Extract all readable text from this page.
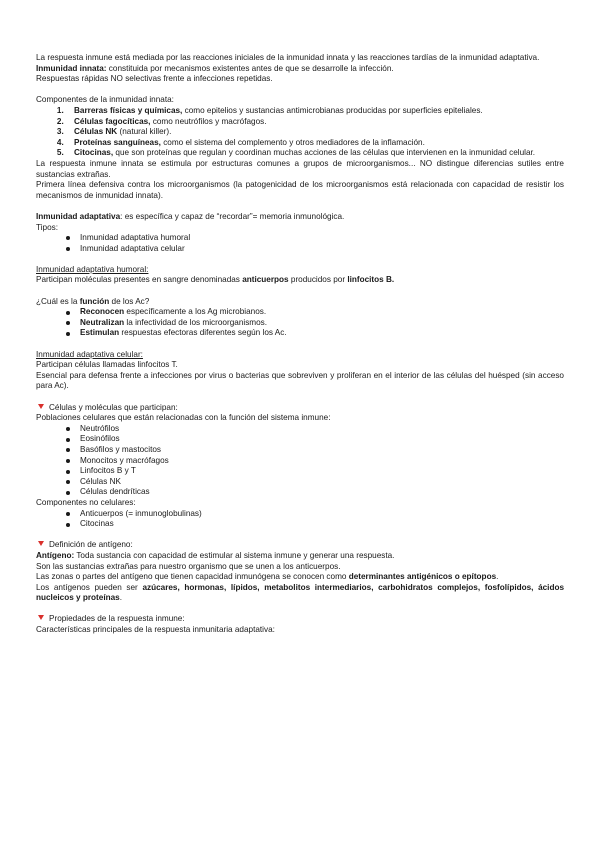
La respuesta inmune está mediada por las reacciones iniciales de la inmunidad innata y las reacciones tardías de la inmunidad adaptativa.

Inmunidad innata: constituida por mecanismos existentes antes de que se desarrolle la infección.

Respuestas rápidas NO selectivas frente a infecciones repetidas.

Componentes de la inmunidad innata:

1. Barreras físicas y químicas, como epitelios y sustancias antimicrobianas producidas por superficies epiteliales.
2. Células fagocíticas, como neutrófilos y macrófagos.
3. Células NK (natural killer).
4. Proteínas sanguíneas, como el sistema del complemento y otros mediadores de la inflamación.
5. Citocinas, que son proteínas que regulan y coordinan muchas acciones de las células que intervienen en la inmunidad celular.

La respuesta inmune innata se estimula por estructuras comunes a grupos de microorganismos... NO distingue diferencias sutiles entre sustancias extrañas.

Primera línea defensiva contra los microorganismos (la patogenicidad de los microorganismos está relacionada con capacidad de resistir los mecanismos de inmunidad innata).

Inmunidad adaptativa: es específica y capaz de “recordar”= memoria inmunológica.

Tipos:

Inmunidad adaptativa humoral
Inmunidad adaptativa celular

Inmunidad adaptativa humoral:

Participan moléculas presentes en sangre denominadas anticuerpos producidos por linfocitos B.

¿Cuál es la función de los Ac?

Reconocen específicamente a los Ag microbianos.
Neutralizan la infectividad de los microorganismos.
Estimulan respuestas efectoras diferentes según los Ac.

Inmunidad adaptativa celular:

Participan células llamadas linfocitos T.

Esencial para defensa frente a infecciones por virus o bacterias que sobreviven y proliferan en el interior de las células del huésped (sin acceso para Ac).

Células y moléculas que participan:

Poblaciones celulares que están relacionadas con la función del sistema inmune:

Neutrófilos
Eosinófilos
Basófilos y mastocitos
Monocitos y macrófagos
Linfocitos B y T
Células NK
Células dendríticas

Componentes no celulares:

Anticuerpos (= inmunoglobulinas)
Citocinas

Definición de antígeno:

Antígeno: Toda sustancia con capacidad de estimular al sistema inmune y generar una respuesta.

Son las sustancias extrañas para nuestro organismo que se unen a los anticuerpos.

Las zonas o partes del antígeno que tienen capacidad inmunógena se conocen como determinantes antigénicos o epítopos.

Los antígenos pueden ser azúcares, hormonas, lípidos, metabolitos intermediarios, carbohidratos complejos, fosfolípidos, ácidos nucleicos y proteínas.

Propiedades de la respuesta inmune:

Características principales de la respuesta inmunitaria adaptativa:
